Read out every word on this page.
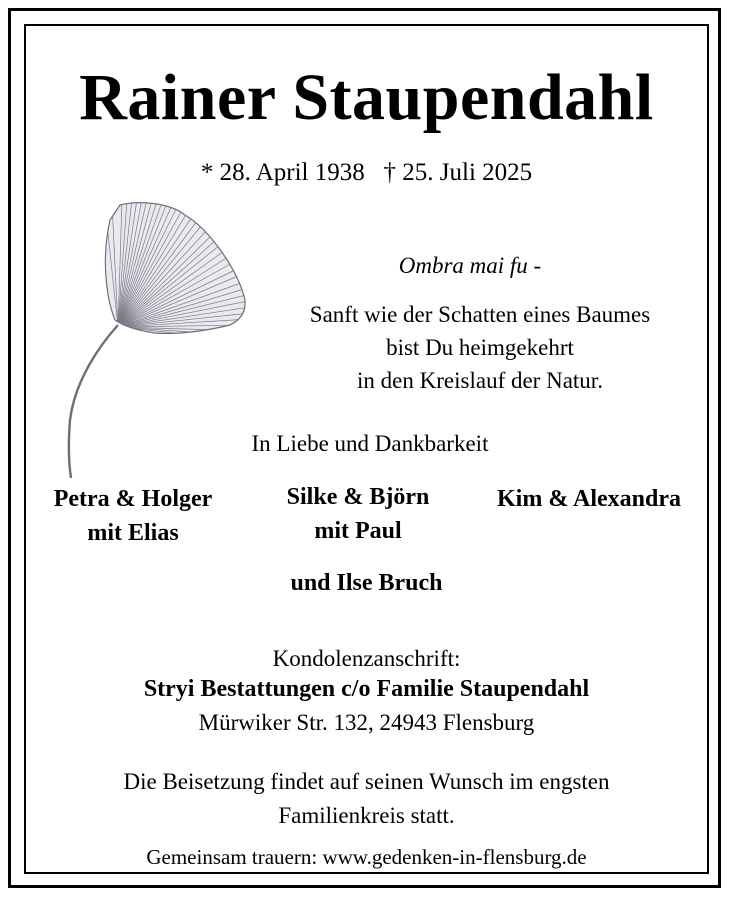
Rainer Staupendahl
* 28. April 1938 † 25. Juli 2025
Ombra mai fu -
Sanft wie der Schatten eines Baumes
bist Du heimgekehrt
in den Kreislauf der Natur.
In Liebe und Dankbarkeit
Petra & Holger
mit Elias
Silke & Björn
mit Paul
Kim & Alexandra
und Ilse Bruch
Kondolenzanschrift:
Stryi Bestattungen c/o Familie Staupendahl
Mürwiker Str. 132, 24943 Flensburg
Die Beisetzung findet auf seinen Wunsch im engsten
Familienkreis statt.
Gemeinsam trauern: www.gedenken-in-flensburg.de
